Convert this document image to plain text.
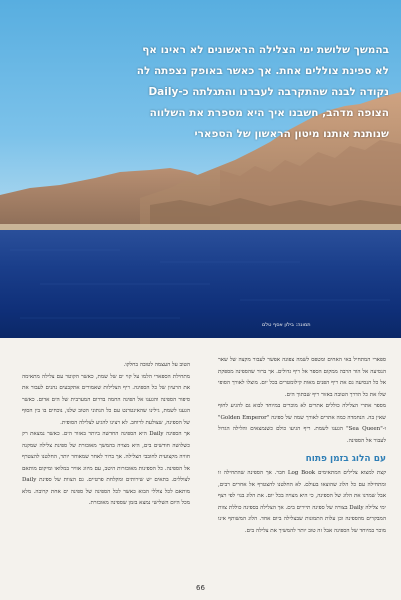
בהמשך שלושת ימי הצלילה הראשונים לא ראינו אף
לא ספינת צוללים אחת. אך כאשר באופק נצפתה לה
נקודה לבנה שהתקרבה לעברנו והתגלתה כ-Daily
הצופה מדהב, חשבנו איך היא מספרת את השלווה
שנותנת אותנו מיטון הראשון של הספארי
תמונה: בילון אסף טלם

הטוב על העצמה לטובה בחלקו.

מתחילת הספארי הלמו על קוי ים של שמת, כאשר הקוטר עם צלילה מתאימה את הרעיון של כל הספינה. ריף הצלילות שאמורים אתקבעים נהנים לעבור את סיפור הספינה והגענו אל הפינה החמה בדרום המערבית של הים אדום. כאשר הגענו לשמת, גילינו שהאינטרנט עם כל הנתוני הטוב שלנו, נוכחים בו בין הסוף של הספינה, שצולעת לרוחב. לא רצינו להגיע לצלילה הסופית.

אך הספינה Daily היא הספינה החדשה ביותר באזור הים. כאשר נמצאת רק כשלושה חודשים בים, היא מצויה בהמשך מאובזרת של ספינת צלילה שמקנה חוויה מקצועית לחובבי הצלילה. אך ברור לאחר שמאוחר יותר, החלטנו להצטרף אל הספינה. כל הספינות מאובזרות היטב, עם מיזוג אוויר במלואו ומיקום מותאם לצוללים. בתאים יש שירותים ומקלחת פרטיים. גם הצוות של ספינת Daily מותאם לכל צוללי הבוא כאשר לכל הספינה של ספינה ים אחת קרובה. מלא מכל היום השלישי נמצא בזמן שספינה מאובזרת.

ספארי המתחיל באי האחים ומטפס לשמה צפונה אפשר לעבור מקצה של שאר הנסיעה אל הוד הרבה ממקום הספר אל ריף גדולים. אך ברור שהספינה מספקת אל כל הנסיעה גם את ריף הפנים מאות קילומטרים בכל יום. מוצלו לאורך הסופי שלו את כל הדרך הטובה באזור ריף שבתוך הים.

מספר אתרי הצלילה כוללים אתרים לא מוכרים במיוחד לבוא גם להגיע לחוף שאין בה. הנחמדה כמה אתרים לאורך שמה של ספינה "Golden Emperor" ו-"Sea Queen" הגענו לשמת. ריף הגיעו כולם כשנמצאים והלילה הגדול לעבור אל הספינה.

עם הלוג בזמן פתוח

קצת למצוא צלילים המתאימים Log Book חבר. אך הספינה שהתחילה זו ומתחילה עם כל הלוג שהוצאו בעולם. לא החלטנו להצטרף אל אחרים רבים, אבל שמרנו את הלוג של הספינה, כי היא מצויה בכל יום. את הלוג בנוי לפי רצף ימי צלילה Daily בצורה של ספינה תיירים בים. אך הצלילה בספינה כוללת צוות המבקרים מהספינה וכן עלות התמונות שבצלילה ביום אחד. הלוג המשותף אינו מוכר במיוחד של הספינה אבל זה טוב יותר להמשיך את צלילה בים.

66
